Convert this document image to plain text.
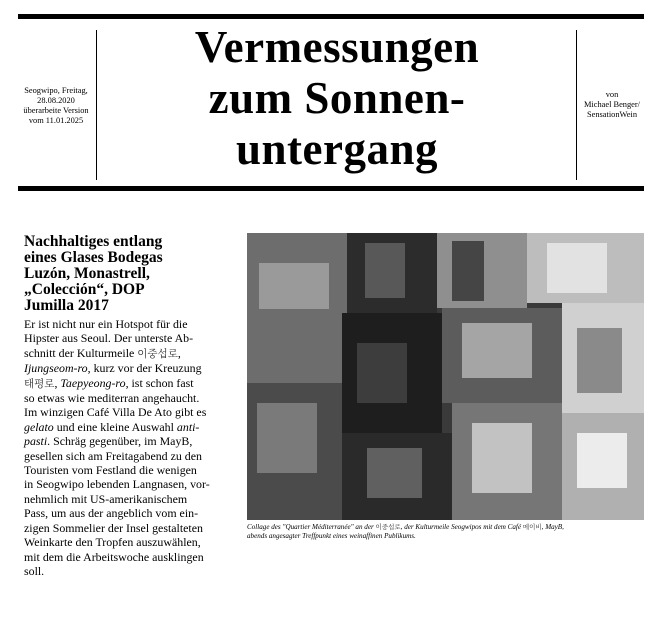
Seogwipo, Freitag,
28.08.2020
überarbeite Version
vom 11.01.2025
Vermessungen
zum Sonnen-
untergang
von
Michael Benger/
SensationWein
Nachhaltiges entlang
eines Glases Bodegas
Luzón, Monastrell,
„Colección“, DOP
Jumilla 2017
Er ist nicht nur ein Hotspot für die
Hipster aus Seoul. Der unterste Ab-
schnitt der Kulturmeile 이중섭로,
Ijungseom-ro, kurz vor der Kreuzung
태평로, Taepyeong-ro, ist schon fast
so etwas wie mediterran angehaucht.
Im winzigen Café Villa De Ato gibt es
gelato und eine kleine Auswahl anti-
pasti. Schräg gegenüber, im MayB,
gesellen sich am Freitagabend zu den
Touristen vom Festland die wenigen
in Seogwipo lebenden Langnasen, vor-
nehmlich mit US-amerikanischem
Pass, um aus der angeblich vom ein-
zigen Sommelier der Insel gestalteten
Weinkarte den Tropfen auszuwählen,
mit dem die Arbeitswoche ausklingen
soll.
Collage des "Quartier Méditerranée" an der 이중섭로, der Kulturmeile Seogwipos mit dem Café 메이비, MayB,
abends angesagter Treffpunkt eines weinaffinen Publikums.
